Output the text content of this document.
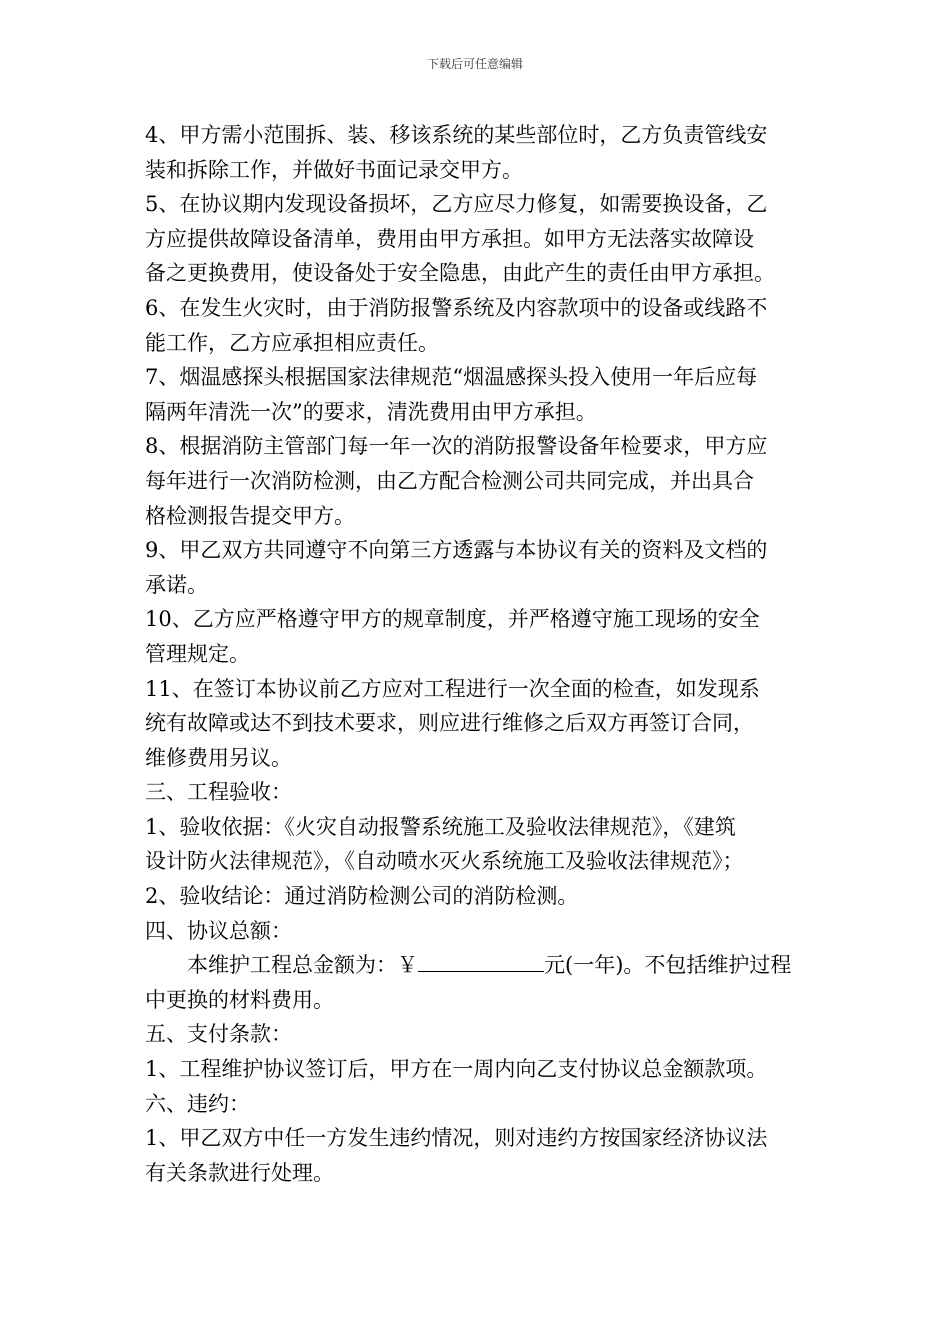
下载后可任意编辑

4、甲方需小范围拆、装、移该系统的某些部位时，乙方负责管线安
装和拆除工作，并做好书面记录交甲方。

5、在协议期内发现设备损坏，乙方应尽力修复，如需要换设备，乙
方应提供故障设备清单，费用由甲方承担。如甲方无法落实故障设
备之更换费用，使设备处于安全隐患，由此产生的责任由甲方承担。

6、在发生火灾时，由于消防报警系统及内容款项中的设备或线路不
能工作，乙方应承担相应责任。

7、烟温感探头根据国家法律规范“烟温感探头投入使用一年后应每
隔两年清洗一次”的要求，清洗费用由甲方承担。

8、根据消防主管部门每一年一次的消防报警设备年检要求，甲方应
每年进行一次消防检测，由乙方配合检测公司共同完成，并出具合
格检测报告提交甲方。

9、甲乙双方共同遵守不向第三方透露与本协议有关的资料及文档的
承诺。

10、乙方应严格遵守甲方的规章制度，并严格遵守施工现场的安全
管理规定。

11、在签订本协议前乙方应对工程进行一次全面的检查，如发现系
统有故障或达不到技术要求，则应进行维修之后双方再签订合同，
维修费用另议。

三、工程验收：

1、验收依据：《火灾自动报警系统施工及验收法律规范》，《建筑
设计防火法律规范》，《自动喷水灭火系统施工及验收法律规范》；

2、验收结论：通过消防检测公司的消防检测。

四、协议总额：

本维护工程总金额为：￥	元(一年)。不包括维护过程

中更换的材料费用。

五、支付条款：

1、工程维护协议签订后，甲方在一周内向乙支付协议总金额款项。

六、违约：

1、甲乙双方中任一方发生违约情况，则对违约方按国家经济协议法
有关条款进行处理。
